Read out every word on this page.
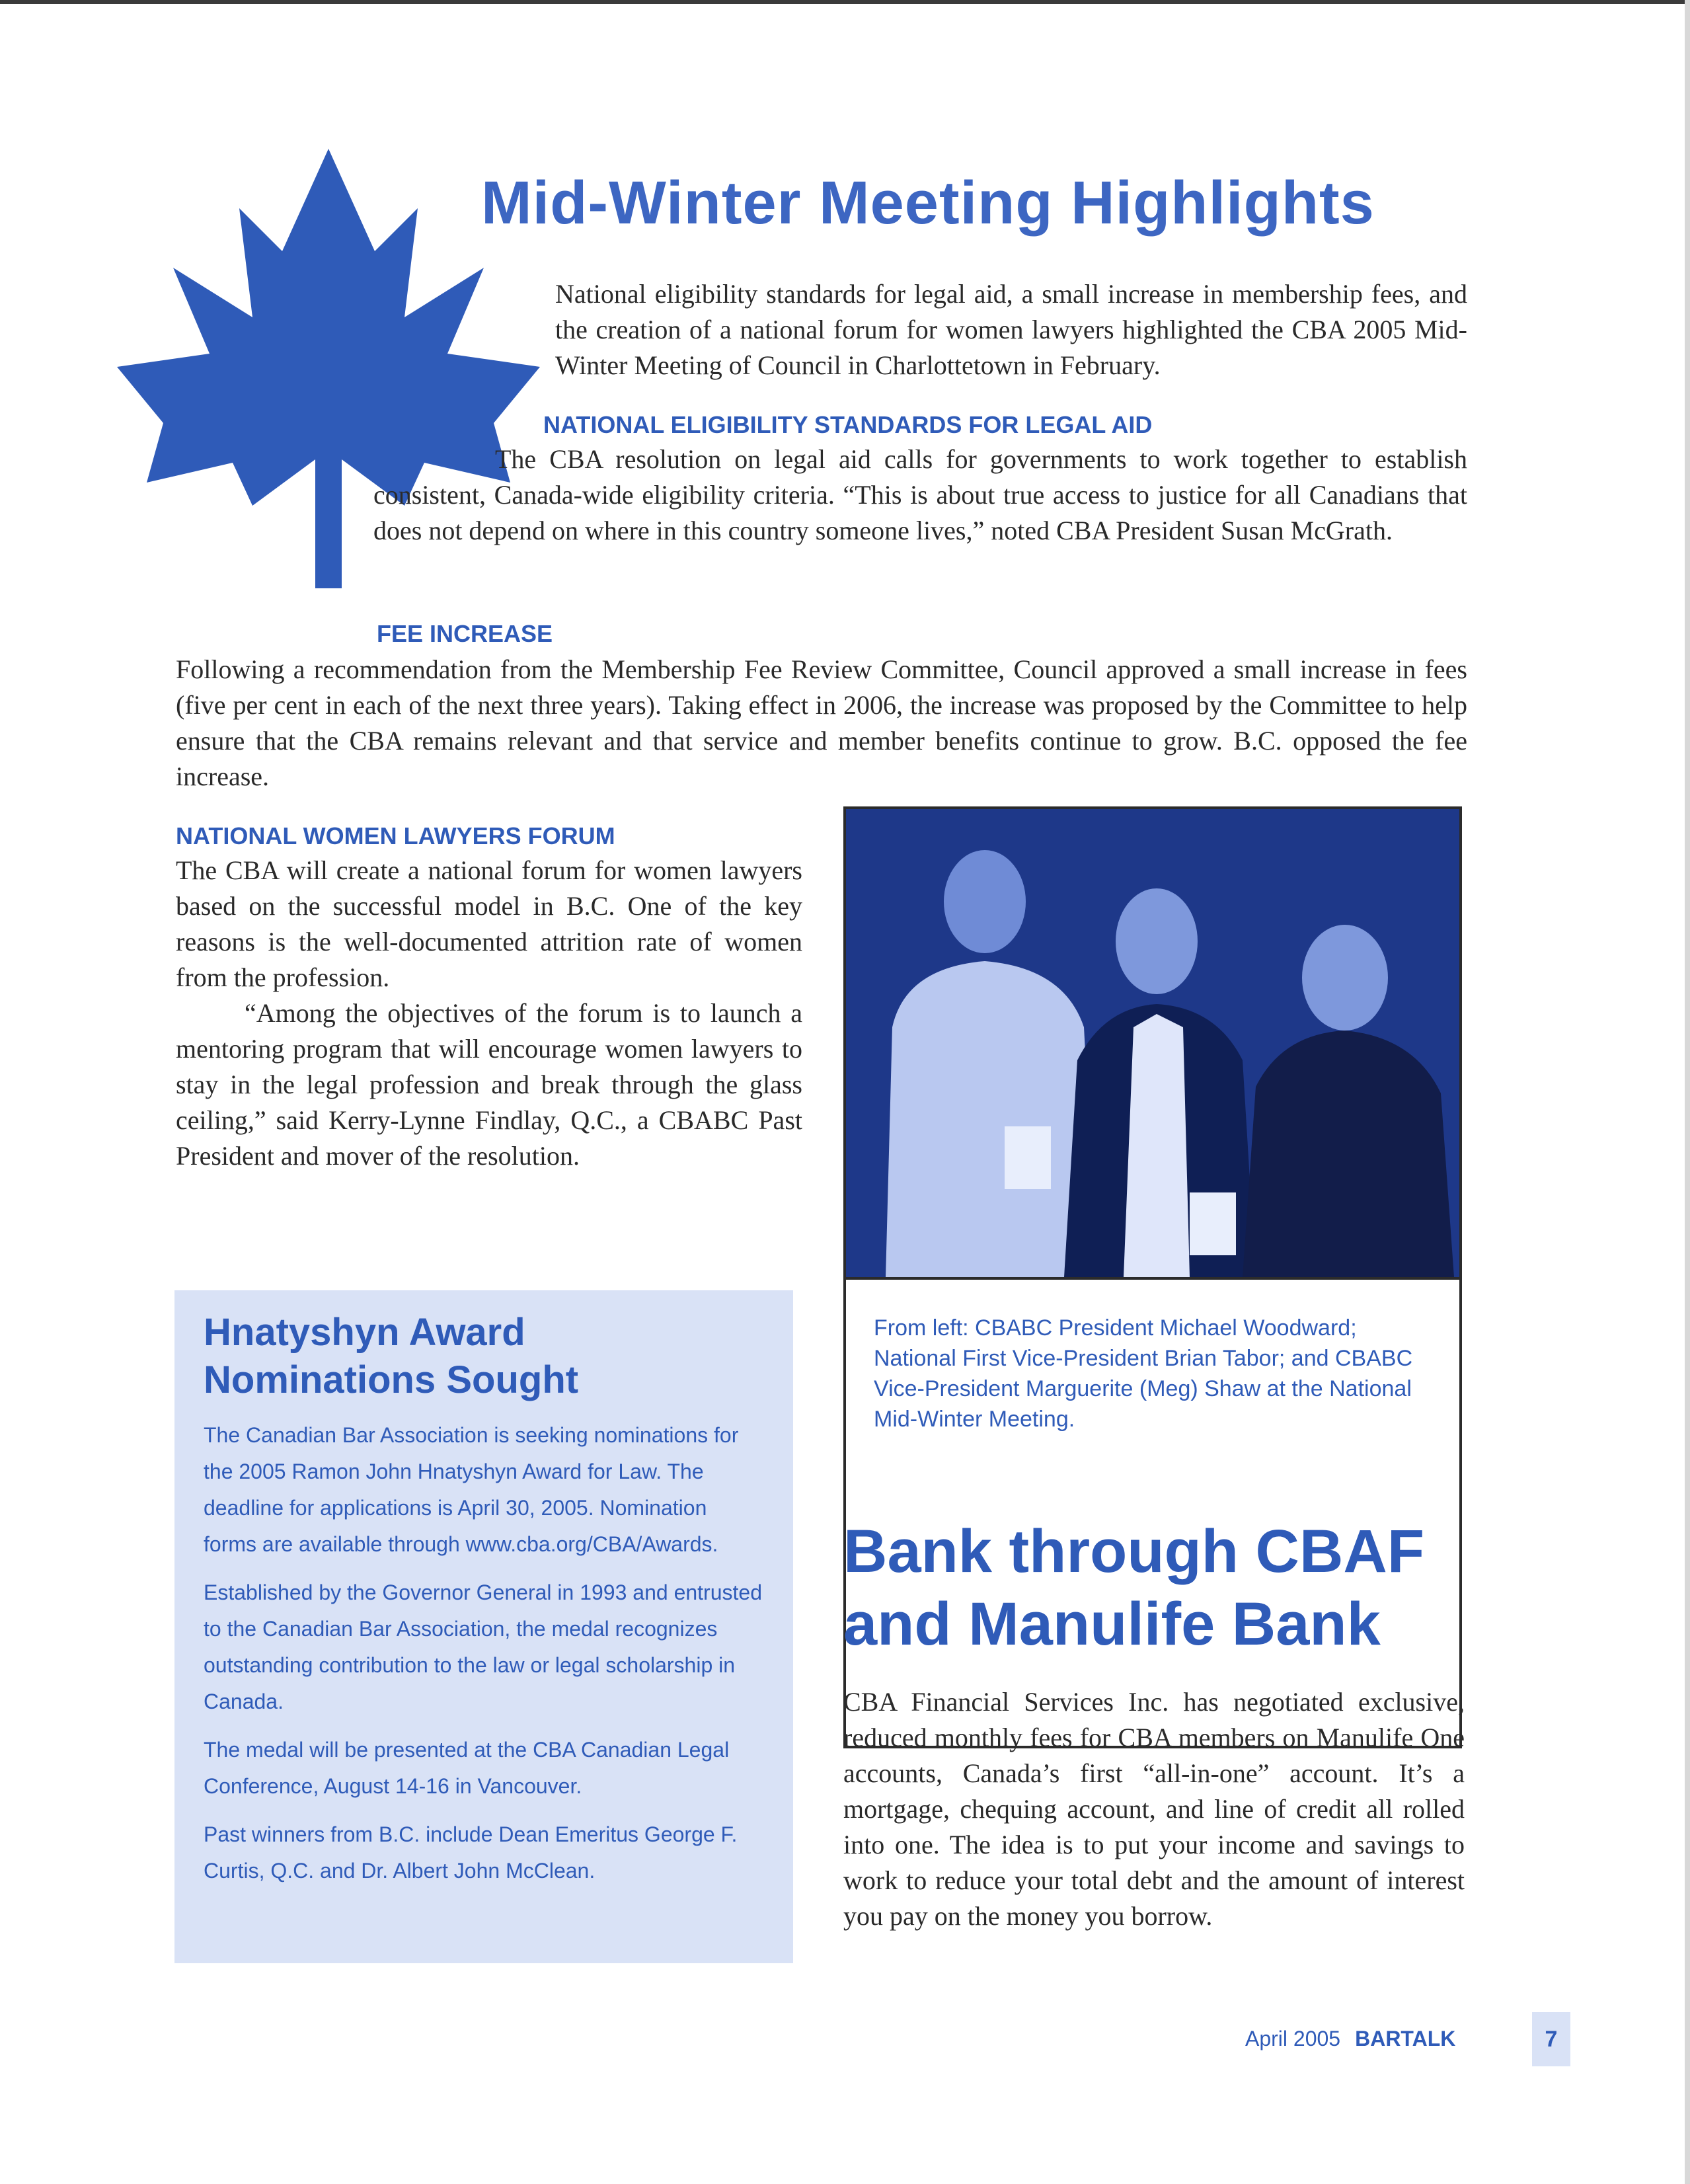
Mid-Winter Meeting Highlights

National eligibility standards for legal aid, a small increase in membership fees, and the creation of a national forum for women lawyers highlighted the CBA 2005 Mid-Winter Meeting of Council in Charlottetown in February.

NATIONAL ELIGIBILITY STANDARDS FOR LEGAL AID

The CBA resolution on legal aid calls for governments to work together to establish consistent, Canada-wide eligibility criteria. “This is about true access to justice for all Canadians that does not depend on where in this country someone lives,” noted CBA President Susan McGrath.

FEE INCREASE

Following a recommendation from the Membership Fee Review Committee, Council approved a small increase in fees (five per cent in each of the next three years). Taking effect in 2006, the increase was proposed by the Committee to help ensure that the CBA remains relevant and that service and member benefits continue to grow. B.C. opposed the fee increase.

NATIONAL WOMEN LAWYERS FORUM

The CBA will create a national forum for women lawyers based on the successful model in B.C. One of the key reasons is the well-documented attrition rate of women from the profession.

“Among the objectives of the forum is to launch a mentoring program that will encourage women lawyers to stay in the legal profession and break through the glass ceiling,” said Kerry-Lynne Findlay, Q.C., a CBABC Past President and mover of the resolution.

From left: CBABC President Michael Woodward; National First Vice-President Brian Tabor; and CBABC Vice-President Marguerite (Meg) Shaw at the National Mid-Winter Meeting.
Hnatyshyn Award Nominations Sought

The Canadian Bar Association is seeking nominations for the 2005 Ramon John Hnatyshyn Award for Law. The deadline for applications is April 30, 2005. Nomination forms are available through www.cba.org/CBA/Awards.

Established by the Governor General in 1993 and entrusted to the Canadian Bar Association, the medal recognizes outstanding contribution to the law or legal scholarship in Canada.

The medal will be presented at the CBA Canadian Legal Conference, August 14-16 in Vancouver.

Past winners from B.C. include Dean Emeritus George F. Curtis, Q.C. and Dr. Albert John McClean.

Bank through CBAF and Manulife Bank

CBA Financial Services Inc. has negotiated exclusive, reduced monthly fees for CBA members on Manulife One accounts, Canada’s first “all-in-one” account. It’s a mortgage, chequing account, and line of credit all rolled into one. The idea is to put your income and savings to work to reduce your total debt and the amount of interest you pay on the money you borrow.

April 2005 BARTALK	7
